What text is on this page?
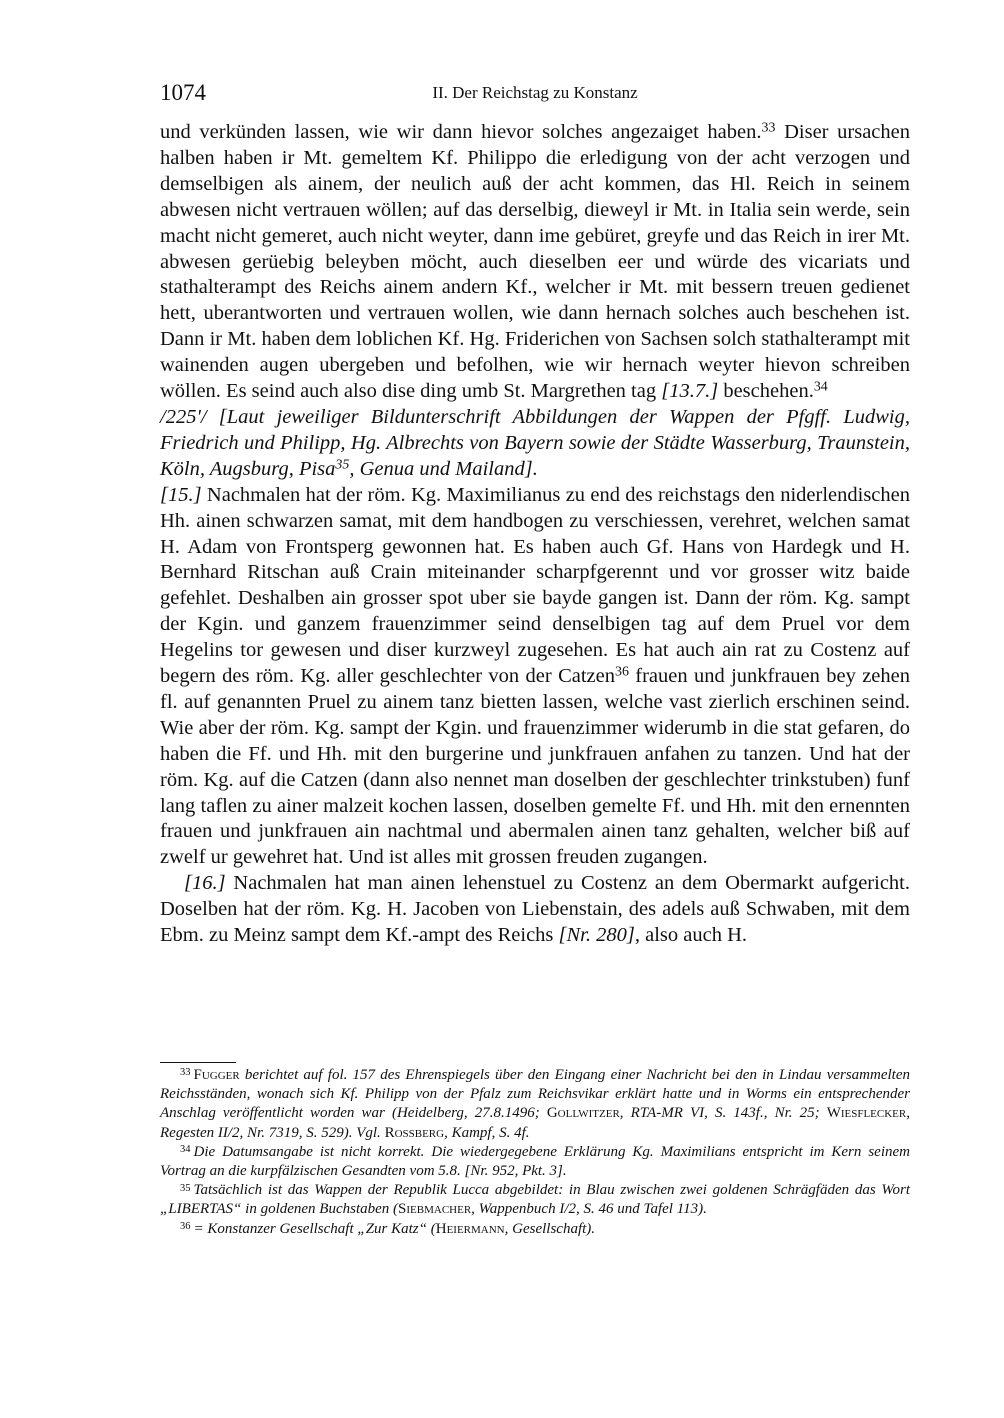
1074	II. Der Reichstag zu Konstanz

und verkünden lassen, wie wir dann hievor solches angezaiget haben.$^{33}$ Diser ursachen halben haben ir Mt. gemeltem Kf. Philippo die erledigung von der acht verzogen und demselbigen als ainem, der neulich auß der acht kommen, das Hl. Reich in seinem abwesen nicht vertrauen wöllen; auf das derselbig, dieweyl ir Mt. in Italia sein werde, sein macht nicht gemeret, auch nicht weyter, dann ime gebüret, greyfe und das Reich in irer Mt. abwesen gerüebig beleyben möcht, auch dieselben eer und würde des vicariats und stathalterampt des Reichs ainem andern Kf., welcher ir Mt. mit bessern treuen gedienet hett, uberantworten und vertrauen wollen, wie dann hernach solches auch beschehen ist. Dann ir Mt. haben dem loblichen Kf. Hg. Friderichen von Sachsen solch stathalterampt mit wainenden augen ubergeben und befolhen, wie wir hernach weyter hievon schreiben wöllen. Es seind auch also dise ding umb St. Margrethen tag [13.7.] beschehen.$^{34}$

/225'/ [Laut jeweiliger Bildunterschrift Abbildungen der Wappen der Pfgff. Ludwig, Friedrich und Philipp, Hg. Albrechts von Bayern sowie der Städte Wasserburg, Traunstein, Köln, Augsburg, Pisa$^{35}$, Genua und Mailand].

[15.] Nachmalen hat der röm. Kg. Maximilianus zu end des reichstags den niderlendischen Hh. ainen schwarzen samat, mit dem handbogen zu verschiessen, verehret, welchen samat H. Adam von Frontsperg gewonnen hat. Es haben auch Gf. Hans von Hardegk und H. Bernhard Ritschan auß Crain miteinander scharpfgerennt und vor grosser witz baide gefehlet. Deshalben ain grosser spot uber sie bayde gangen ist. Dann der röm. Kg. sampt der Kgin. und ganzem frauenzimmer seind denselbigen tag auf dem Pruel vor dem Hegelins tor gewesen und diser kurzweyl zugesehen. Es hat auch ain rat zu Costenz auf begern des röm. Kg. aller geschlechter von der Catzen$^{36}$ frauen und junkfrauen bey zehen fl. auf genannten Pruel zu ainem tanz bietten lassen, welche vast zierlich erschinen seind. Wie aber der röm. Kg. sampt der Kgin. und frauenzimmer widerumb in die stat gefaren, do haben die Ff. und Hh. mit den burgerine und junkfrauen anfahen zu tanzen. Und hat der röm. Kg. auf die Catzen (dann also nennet man doselben der geschlechter trinkstuben) funf lang taflen zu ainer malzeit kochen lassen, doselben gemelte Ff. und Hh. mit den ernennten frauen und junkfrauen ain nachtmal und abermalen ainen tanz gehalten, welcher biß auf zwelf ur gewehret hat. Und ist alles mit grossen freuden zugangen.

[16.] Nachmalen hat man ainen lehenstuel zu Costenz an dem Obermarkt aufgericht. Doselben hat der röm. Kg. H. Jacoben von Liebenstain, des adels auß Schwaben, mit dem Ebm. zu Meinz sampt dem Kf.-ampt des Reichs [Nr. 280], also auch H.

$^{33}$ Fugger berichtet auf fol. 157 des Ehrenspiegels über den Eingang einer Nachricht bei den in Lindau versammelten Reichsständen, wonach sich Kf. Philipp von der Pfalz zum Reichsvikar erklärt hatte und in Worms ein entsprechender Anschlag veröffentlicht worden war (Heidelberg, 27.8.1496; Gollwitzer, RTA-MR VI, S. 143f., Nr. 25; Wiesflecker, Regesten II/2, Nr. 7319, S. 529). Vgl. Rossberg, Kampf, S. 4f.

$^{34}$ Die Datumsangabe ist nicht korrekt. Die wiedergegebene Erklärung Kg. Maximilians entspricht im Kern seinem Vortrag an die kurpfälzischen Gesandten vom 5.8. [Nr. 952, Pkt. 3].

$^{35}$ Tatsächlich ist das Wappen der Republik Lucca abgebildet: in Blau zwischen zwei goldenen Schrägfäden das Wort „LIBERTAS“ in goldenen Buchstaben (Siebmacher, Wappenbuch I/2, S. 46 und Tafel 113).

$^{36}$ = Konstanzer Gesellschaft „Zur Katz“ (Heiermann, Gesellschaft).
